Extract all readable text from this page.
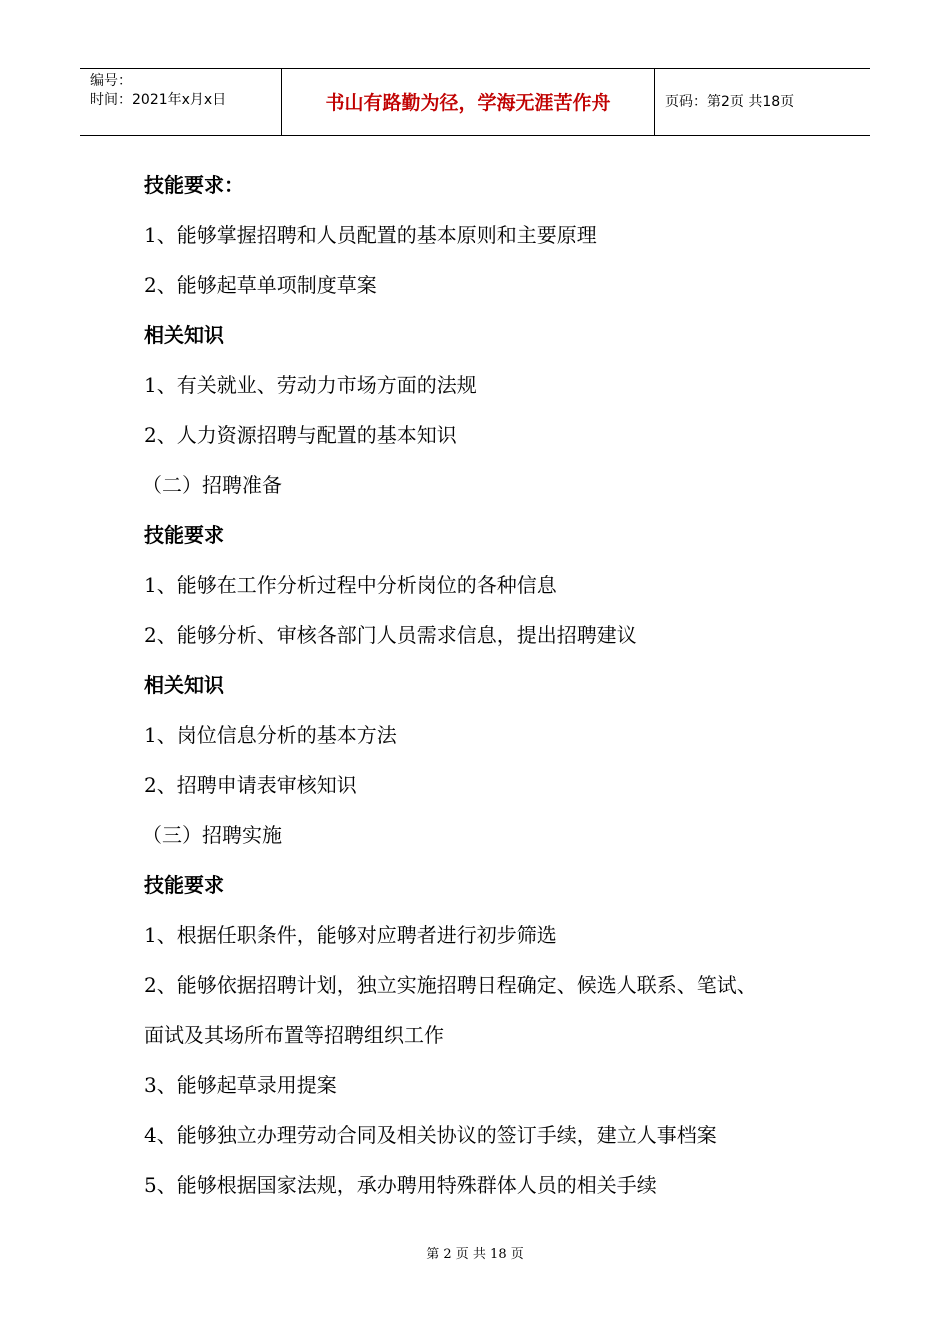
编号：
时间：2021年x月x日	书山有路勤为径，学海无涯苦作舟	页码：第2页 共18页
技能要求：
1、能够掌握招聘和人员配置的基本原则和主要原理
2、能够起草单项制度草案
相关知识
1、有关就业、劳动力市场方面的法规
2、人力资源招聘与配置的基本知识
（二）招聘准备
技能要求
1、能够在工作分析过程中分析岗位的各种信息
2、能够分析、审核各部门人员需求信息，提出招聘建议
相关知识
1、岗位信息分析的基本方法
2、招聘申请表审核知识
（三）招聘实施
技能要求
1、根据任职条件，能够对应聘者进行初步筛选
2、能够依据招聘计划，独立实施招聘日程确定、候选人联系、笔试、
面试及其场所布置等招聘组织工作
3、能够起草录用提案
4、能够独立办理劳动合同及相关协议的签订手续，建立人事档案
5、能够根据国家法规，承办聘用特殊群体人员的相关手续
第 2 页 共 18 页
